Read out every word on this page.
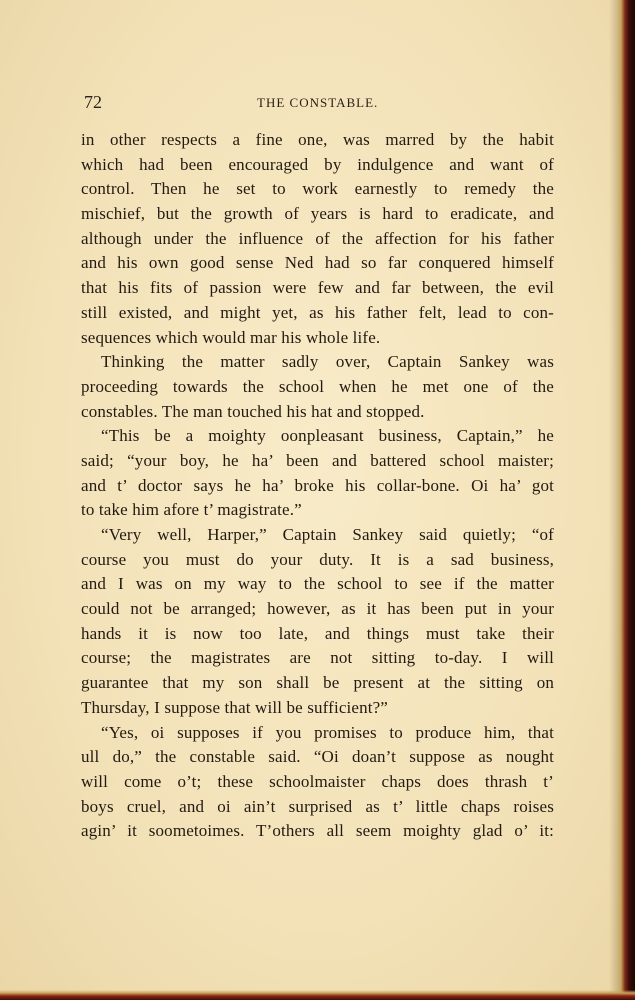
72	THE CONSTABLE.
in other respects a fine one, was marred by the habit
which had been encouraged by indulgence and want of
control. Then he set to work earnestly to remedy the
mischief, but the growth of years is hard to eradicate, and
although under the influence of the affection for his father
and his own good sense Ned had so far conquered himself
that his fits of passion were few and far between, the evil
still existed, and might yet, as his father felt, lead to con-
sequences which would mar his whole life.
Thinking the matter sadly over, Captain Sankey was
proceeding towards the school when he met one of the
constables. The man touched his hat and stopped.
“This be a moighty oonpleasant business, Captain,” he
said; “your boy, he ha’ been and battered school maister;
and t’ doctor says he ha’ broke his collar-bone. Oi ha’ got
to take him afore t’ magistrate.”
“Very well, Harper,” Captain Sankey said quietly; “of
course you must do your duty. It is a sad business,
and I was on my way to the school to see if the matter
could not be arranged; however, as it has been put in your
hands it is now too late, and things must take their
course; the magistrates are not sitting to-day. I will
guarantee that my son shall be present at the sitting on
Thursday, I suppose that will be sufficient?”
“Yes, oi supposes if you promises to produce him, that
ull do,” the constable said. “Oi doan’t suppose as nought
will come o’t; these schoolmaister chaps does thrash t’
boys cruel, and oi ain’t surprised as t’ little chaps roises
agin’ it soometoimes. T’others all seem moighty glad o’ it:
